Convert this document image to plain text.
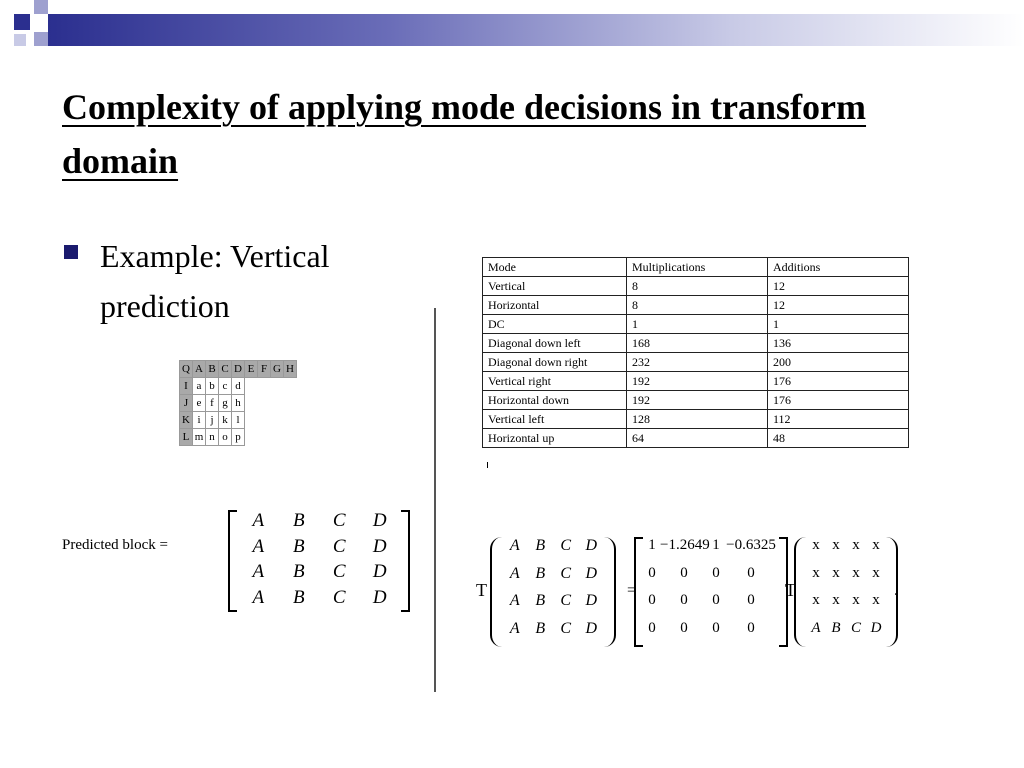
Complexity of applying mode decisions in transform domain
Example: Vertical prediction
Q	A	B	C	D	E	F	G	H
I	a	b	c	d				
J	e	f	g	h				
K	i	j	k	l				
L	m	n	o	p				
Mode	Multiplications	Additions
Vertical	8	12
Horizontal	8	12
DC	1	1
Diagonal down left	168	136
Diagonal down right	232	200
Vertical right	192	176
Horizontal down	192	176
Vertical left	128	112
Horizontal up	64	48
Predicted block =
A	B	C	D
A	B	C	D
A	B	C	D
A	B	C	D	T
A B C D
A B C D
A B C D
A B C D
=
1 −1.2649 1 −0.6325
0	0	0	0
0	0	0	0
0	0	0	0
T
x x x x
x x x x
x x x x
A B C D
.
